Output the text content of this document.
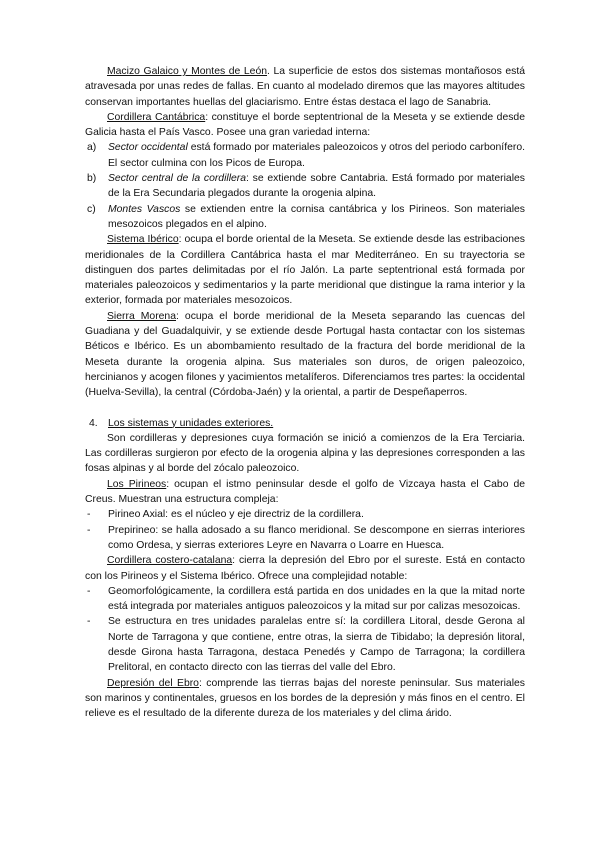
Macizo Galaico y Montes de León. La superficie de estos dos sistemas montañosos está atravesada por unas redes de fallas. En cuanto al modelado diremos que las mayores altitudes conservan importantes huellas del glaciarismo. Entre éstas destaca el lago de Sanabria.

Cordillera Cantábrica: constituye el borde septentrional de la Meseta y se extiende desde Galicia hasta el País Vasco. Posee una gran variedad interna:

a) Sector occidental está formado por materiales paleozoicos y otros del periodo carbonífero. El sector culmina con los Picos de Europa.
b) Sector central de la cordillera: se extiende sobre Cantabria. Está formado por materiales de la Era Secundaria plegados durante la orogenia alpina.
c) Montes Vascos se extienden entre la cornisa cantábrica y los Pirineos. Son materiales mesozoicos plegados en el alpino.

Sistema Ibérico: ocupa el borde oriental de la Meseta. Se extiende desde las estribaciones meridionales de la Cordillera Cantábrica hasta el mar Mediterráneo. En su trayectoria se distinguen dos partes delimitadas por el río Jalón. La parte septentrional está formada por materiales paleozoicos y sedimentarios y la parte meridional que distingue la rama interior y la exterior, formada por materiales mesozoicos.

Sierra Morena: ocupa el borde meridional de la Meseta separando las cuencas del Guadiana y del Guadalquivir, y se extiende desde Portugal hasta contactar con los sistemas Béticos e Ibérico. Es un abombamiento resultado de la fractura del borde meridional de la Meseta durante la orogenia alpina. Sus materiales son duros, de origen paleozoico, hercinianos y acogen filones y yacimientos metalíferos. Diferenciamos tres partes: la occidental (Huelva-Sevilla), la central (Córdoba-Jaén) y la oriental, a partir de Despeñaperros.

4. Los sistemas y unidades exteriores.

Son cordilleras y depresiones cuya formación se inició a comienzos de la Era Terciaria. Las cordilleras surgieron por efecto de la orogenia alpina y las depresiones corresponden a las fosas alpinas y al borde del zócalo paleozoico.

Los Pirineos: ocupan el istmo peninsular desde el golfo de Vizcaya hasta el Cabo de Creus. Muestran una estructura compleja:

- Pirineo Axial: es el núcleo y eje directriz de la cordillera.
- Prepirineo: se halla adosado a su flanco meridional. Se descompone en sierras interiores como Ordesa, y sierras exteriores Leyre en Navarra o Loarre en Huesca.

Cordillera costero-catalana: cierra la depresión del Ebro por el sureste. Está en contacto con los Pirineos y el Sistema Ibérico. Ofrece una complejidad notable:

- Geomorfológicamente, la cordillera está partida en dos unidades en la que la mitad norte está integrada por materiales antiguos paleozoicos y la mitad sur por calizas mesozoicas.
- Se estructura en tres unidades paralelas entre sí: la cordillera Litoral, desde Gerona al Norte de Tarragona y que contiene, entre otras, la sierra de Tibidabo; la depresión litoral, desde Girona hasta Tarragona, destaca Penedés y Campo de Tarragona; la cordillera Prelitoral, en contacto directo con las tierras del valle del Ebro.

Depresión del Ebro: comprende las tierras bajas del noreste peninsular. Sus materiales son marinos y continentales, gruesos en los bordes de la depresión y más finos en el centro. El relieve es el resultado de la diferente dureza de los materiales y del clima árido.
